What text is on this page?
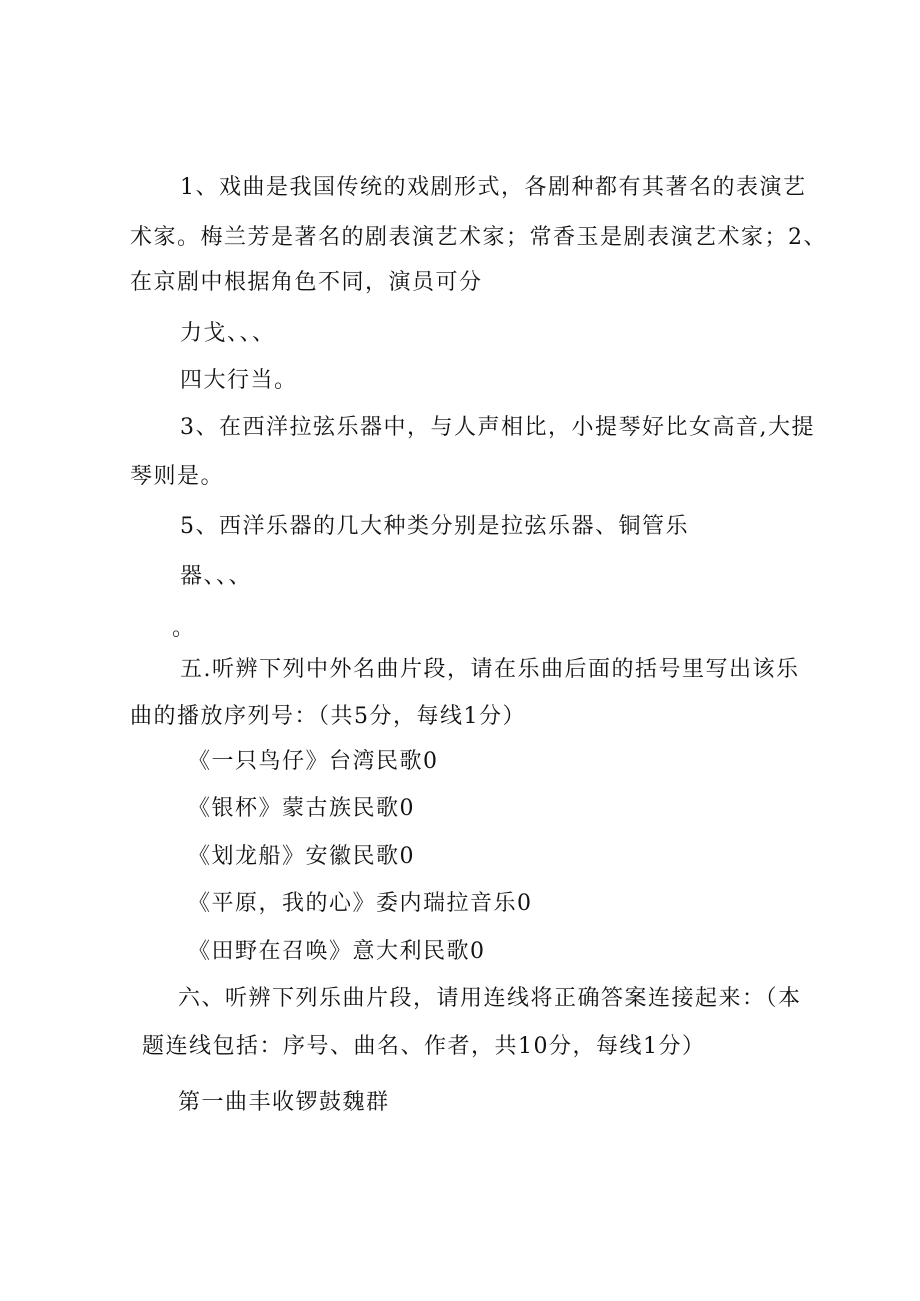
1、戏曲是我国传统的戏剧形式，各剧种都有其著名的表演艺
术家。梅兰芳是著名的剧表演艺术家；常香玉是剧表演艺术家；2、
在京剧中根据角色不同，演员可分
力戈、、、
四大行当。
3、在西洋拉弦乐器中，与人声相比，小提琴好比女高音,大提
琴则是。
5、西洋乐器的几大种类分别是拉弦乐器、铜管乐
器、、、
。
五.听辨下列中外名曲片段，请在乐曲后面的括号里写出该乐
曲的播放序列号：（共5分，每线1分）
《一只鸟仔》台湾民歌0
《银杯》蒙古族民歌0
《划龙船》安徽民歌0
《平原，我的心》委内瑞拉音乐0
《田野在召唤》意大利民歌0
六、听辨下列乐曲片段，请用连线将正确答案连接起来：（本
题连线包括：序号、曲名、作者，共10分，每线1分）
第一曲丰收锣鼓魏群
